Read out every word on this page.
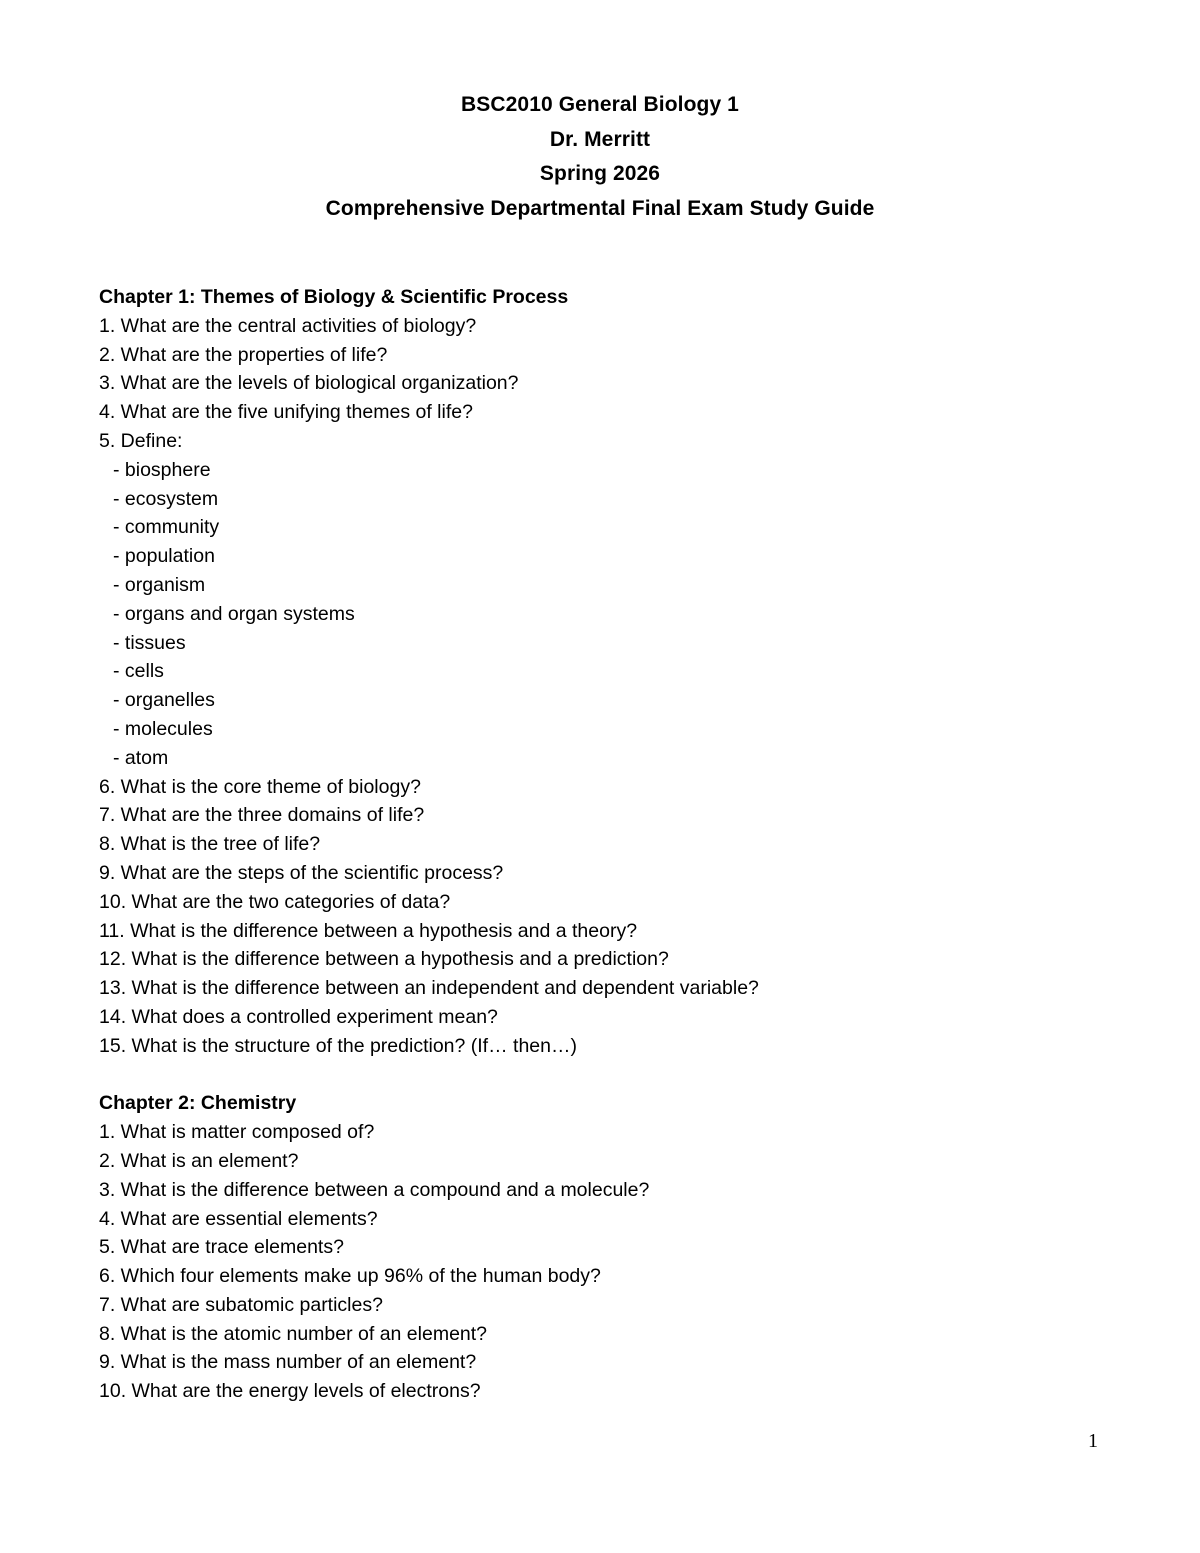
BSC2010 General Biology 1
Dr. Merritt
Spring 2026
Comprehensive Departmental Final Exam Study Guide
Chapter 1: Themes of Biology & Scientific Process
1. What are the central activities of biology?
2. What are the properties of life?
3. What are the levels of biological organization?
4. What are the five unifying themes of life?
5. Define:
- biosphere
- ecosystem
- community
- population
- organism
- organs and organ systems
- tissues
- cells
- organelles
- molecules
- atom
6. What is the core theme of biology?
7. What are the three domains of life?
8. What is the tree of life?
9. What are the steps of the scientific process?
10. What are the two categories of data?
11. What is the difference between a hypothesis and a theory?
12. What is the difference between a hypothesis and a prediction?
13. What is the difference between an independent and dependent variable?
14. What does a controlled experiment mean?
15. What is the structure of the prediction? (If… then…)
Chapter 2: Chemistry
1. What is matter composed of?
2. What is an element?
3. What is the difference between a compound and a molecule?
4. What are essential elements?
5. What are trace elements?
6. Which four elements make up 96% of the human body?
7. What are subatomic particles?
8. What is the atomic number of an element?
9. What is the mass number of an element?
10. What are the energy levels of electrons?
1
